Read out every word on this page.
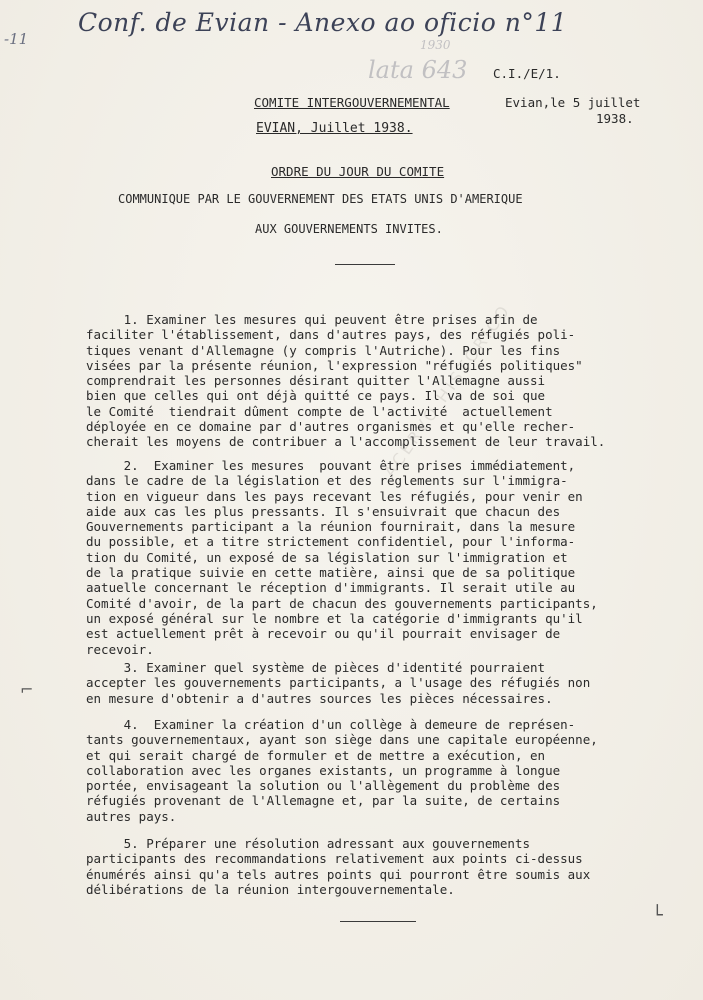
-11
Conf. de Evian - Anexo ao oficio n°11
lata 643
1930
ACERVO HISTORICO
C.I./E/1.
COMITE INTERGOUVERNEMENTAL	Evian,le 5 juillet
1938.
EVIAN, Juillet 1938.
ORDRE DU JOUR DU COMITE
COMMUNIQUE PAR LE GOUVERNEMENT DES ETATS UNIS D'AMERIQUE
AUX GOUVERNEMENTS INVITES.
1. Examiner les mesures qui peuvent être prises afin de
faciliter l'établissement, dans d'autres pays, des réfugiés poli-
tiques venant d'Allemagne (y compris l'Autriche). Pour les fins
visées par la présente réunion, l'expression "réfugiés politiques"
comprendrait les personnes désirant quitter l'Allemagne aussi
bien que celles qui ont déjà quitté ce pays. Il va de soi que
le Comité  tiendrait dûment compte de l'activité  actuellement
déployée en ce domaine par d'autres organismes et qu'elle recher-
cherait les moyens de contribuer a l'accomplissement de leur travail.
2.  Examiner les mesures  pouvant être prises immédiatement,
dans le cadre de la législation et des réglements sur l'immigra-
tion en vigueur dans les pays recevant les réfugiés, pour venir en
aide aux cas les plus pressants. Il s'ensuivrait que chacun des
Gouvernements participant a la réunion fournirait, dans la mesure
du possible, et a titre strictement confidentiel, pour l'informa-
tion du Comité, un exposé de sa législation sur l'immigration et
de la pratique suivie en cette matière, ainsi que de sa politique
aatuelle concernant le réception d'immigrants. Il serait utile au
Comité d'avoir, de la part de chacun des gouvernements participants,
un exposé général sur le nombre et la catégorie d'immigrants qu'il
est actuellement prêt à recevoir ou qu'il pourrait envisager de
recevoir.
3. Examiner quel système de pièces d'identité pourraient
accepter les gouvernements participants, a l'usage des réfugiés non
en mesure d'obtenir a d'autres sources les pièces nécessaires.
4.  Examiner la création d'un collège à demeure de représen-
tants gouvernementaux, ayant son siège dans une capitale européenne,
et qui serait chargé de formuler et de mettre a exécution, en
collaboration avec les organes existants, un programme à longue
portée, envisageant la solution ou l'allègement du problème des
réfugiés provenant de l'Allemagne et, par la suite, de certains
autres pays.
5. Préparer une résolution adressant aux gouvernements
participants des recommandations relativement aux points ci-dessus
énumérés ainsi qu'a tels autres points qui pourront être soumis aux
délibérations de la réunion intergouvernementale.
⌐
└
